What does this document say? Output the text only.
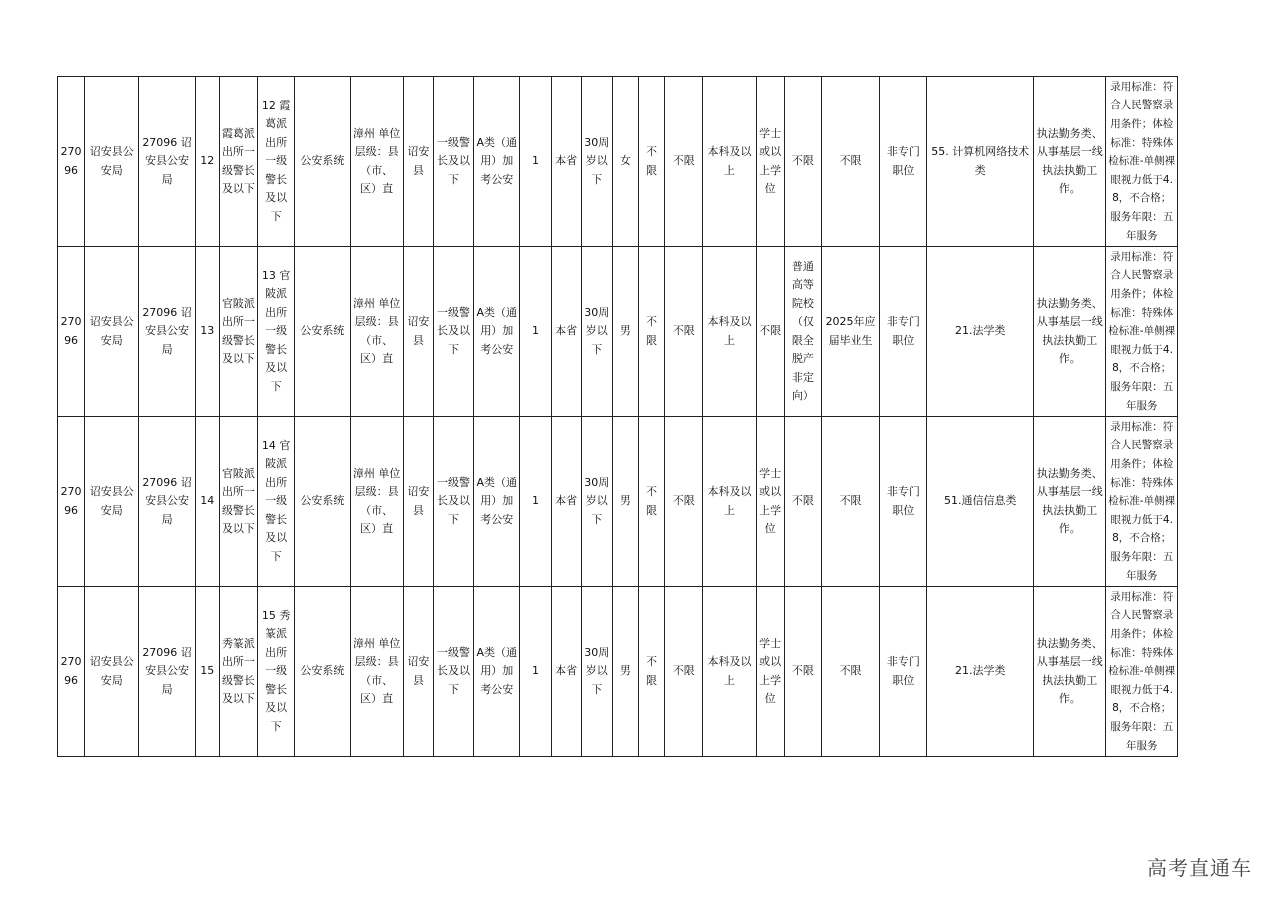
27096	诏安县公安局	27096 诏安县公安局	12	霞葛派出所一级警长及以下	12 霞葛派出所一级警长及以下	公安系统	漳州 单位层级：县（市、区）直	诏安县	一级警长及以下	A类（通用）加考公安	1	本省	30周岁以下	女	不限	不限	本科及以上	学士或以上学位	不限	不限	非专门职位	55. 计算机网络技术类	执法勤务类、从事基层一线执法执勤工作。	录用标准：符合人民警察录用条件；体检标准：特殊体检标准-单侧裸眼视力低于4.8，不合格；服务年限：五年服务
27096	诏安县公安局	27096 诏安县公安局	13	官陂派出所一级警长及以下	13 官陂派出所一级警长及以下	公安系统	漳州 单位层级：县（市、区）直	诏安县	一级警长及以下	A类（通用）加考公安	1	本省	30周岁以下	男	不限	不限	本科及以上	不限	普通高等院校（仅限全脱产非定向）	2025年应届毕业生	非专门职位	21.法学类	执法勤务类、从事基层一线执法执勤工作。	录用标准：符合人民警察录用条件；体检标准：特殊体检标准-单侧裸眼视力低于4.8，不合格；服务年限：五年服务
27096	诏安县公安局	27096 诏安县公安局	14	官陂派出所一级警长及以下	14 官陂派出所一级警长及以下	公安系统	漳州 单位层级：县（市、区）直	诏安县	一级警长及以下	A类（通用）加考公安	1	本省	30周岁以下	男	不限	不限	本科及以上	学士或以上学位	不限	不限	非专门职位	51.通信信息类	执法勤务类、从事基层一线执法执勤工作。	录用标准：符合人民警察录用条件；体检标准：特殊体检标准-单侧裸眼视力低于4.8，不合格；服务年限：五年服务
27096	诏安县公安局	27096 诏安县公安局	15	秀篆派出所一级警长及以下	15 秀篆派出所一级警长及以下	公安系统	漳州 单位层级：县（市、区）直	诏安县	一级警长及以下	A类（通用）加考公安	1	本省	30周岁以下	男	不限	不限	本科及以上	学士或以上学位	不限	不限	非专门职位	21.法学类	执法勤务类、从事基层一线执法执勤工作。	录用标准：符合人民警察录用条件；体检标准：特殊体检标准-单侧裸眼视力低于4.8，不合格；服务年限：五年服务
高考直通车
